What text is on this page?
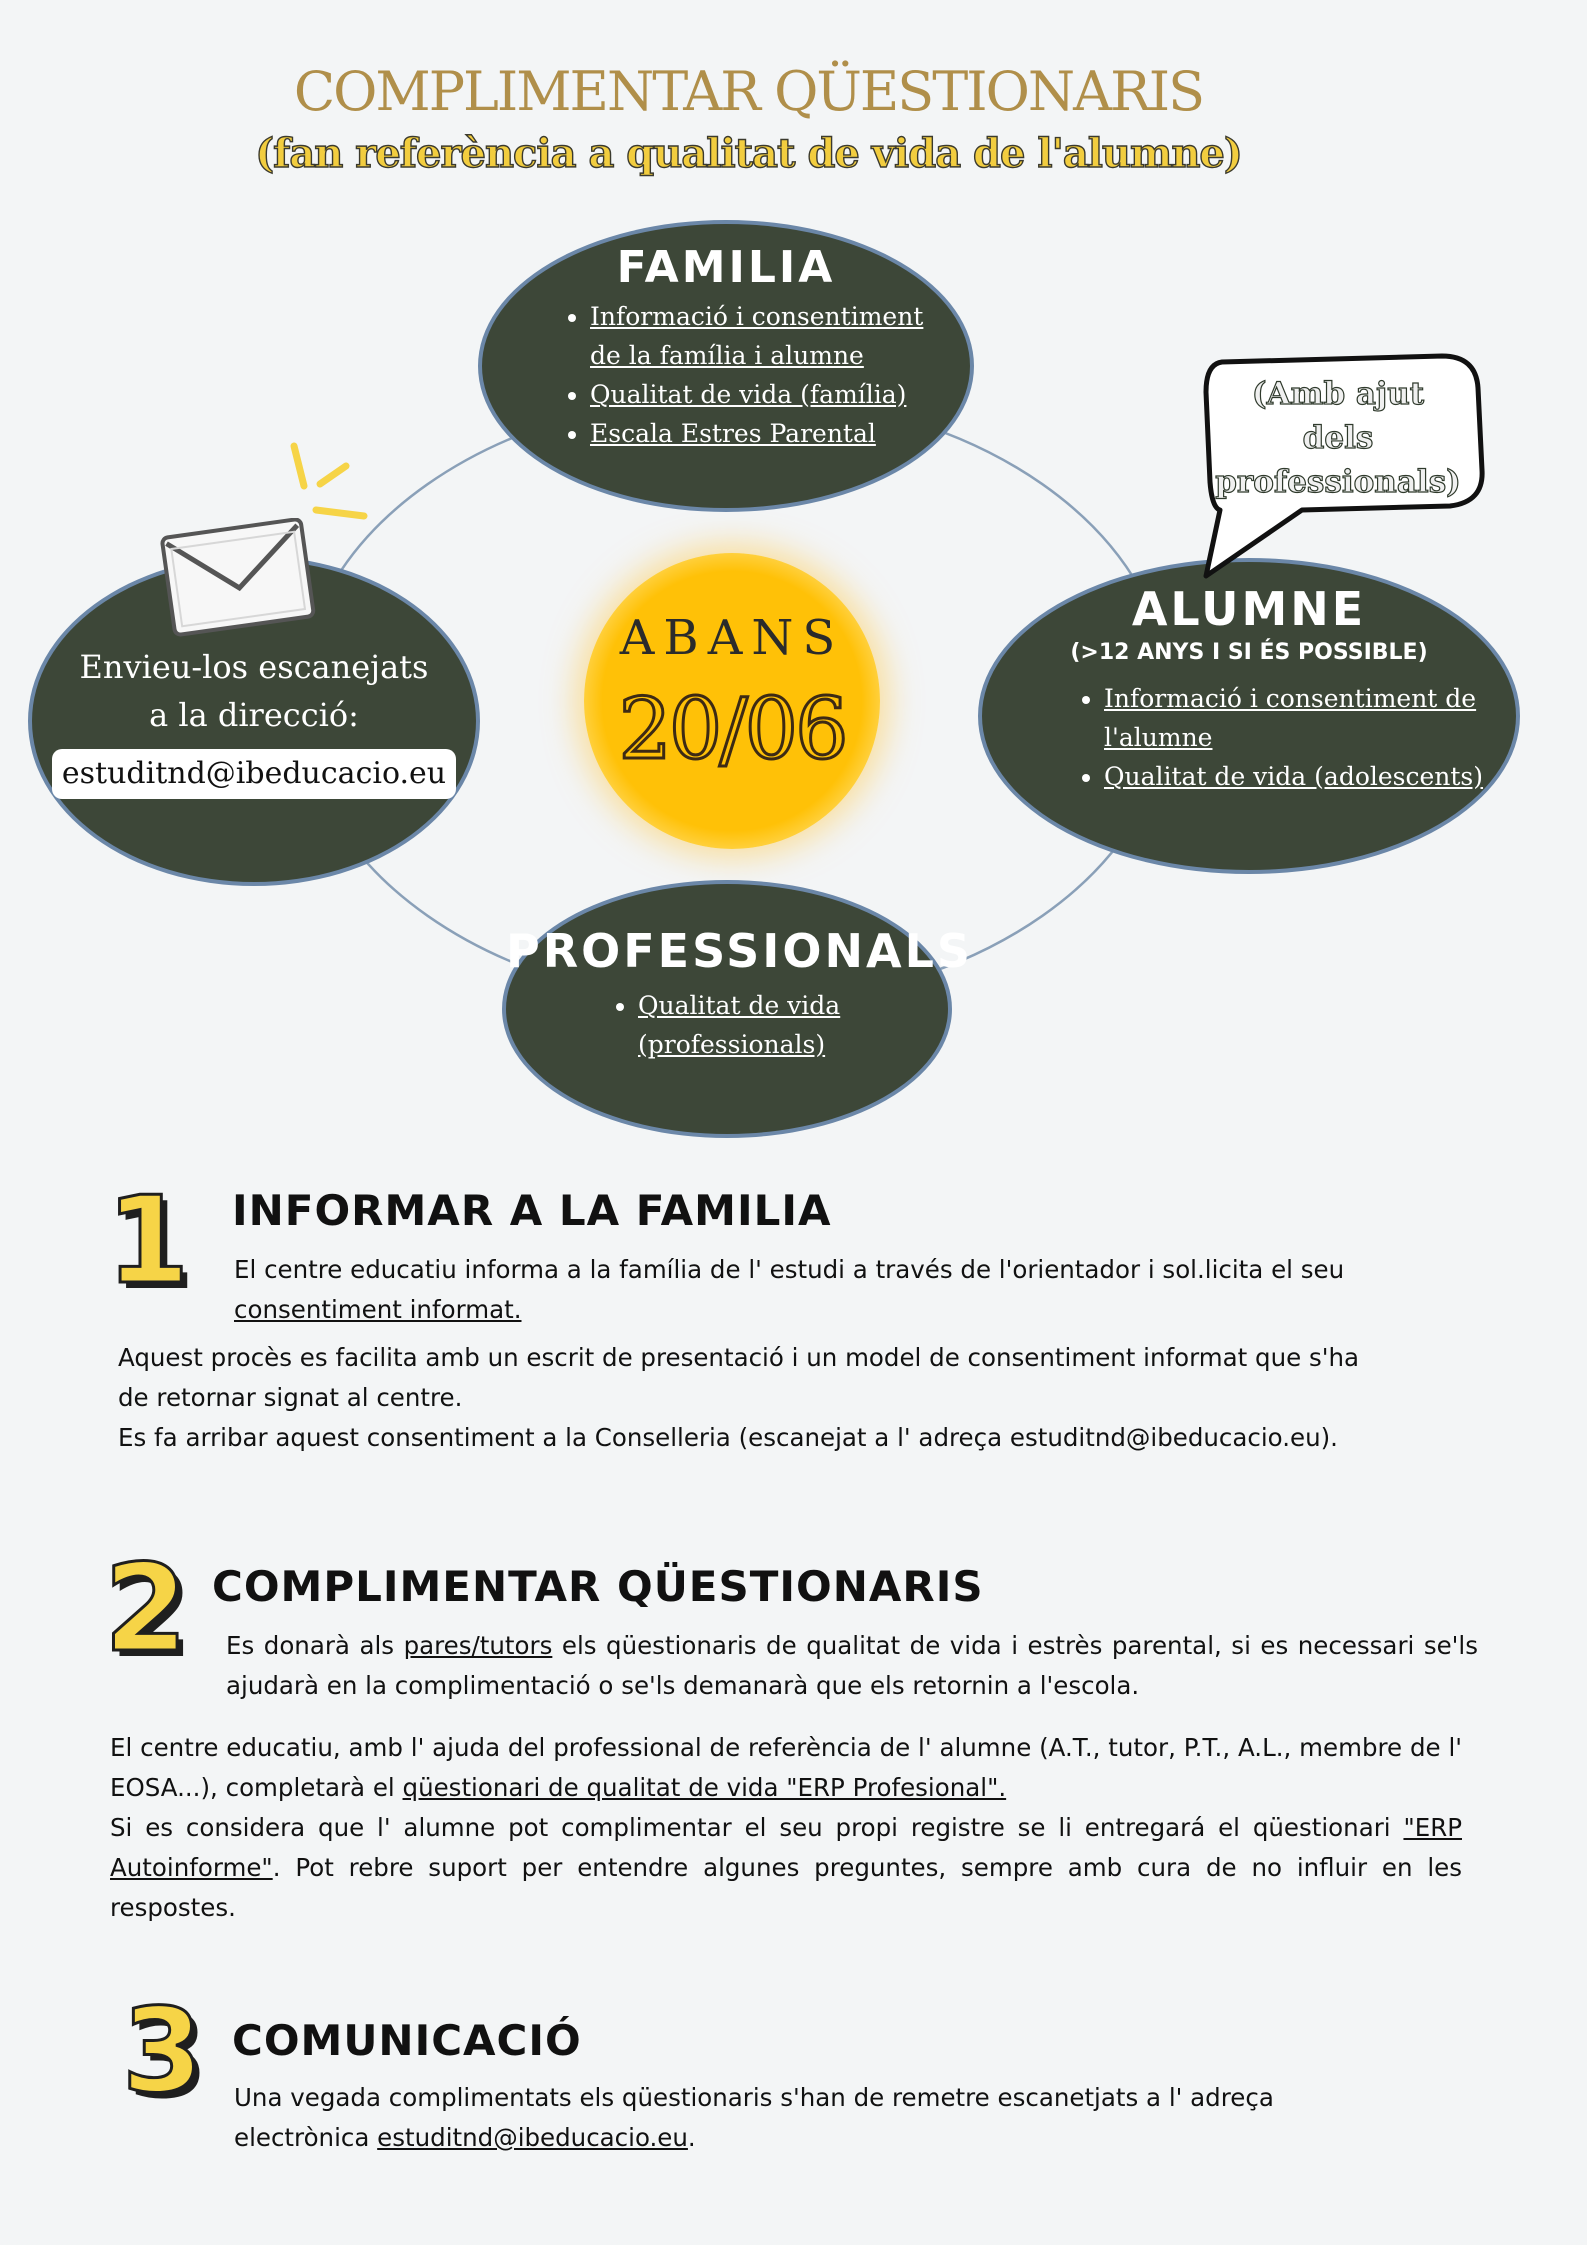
COMPLIMENTAR QÜESTIONARIS
(fan referència a qualitat de vida de l'alumne)
ABANS
20/06
FAMILIA
• Informació i consentiment de la família i alumne
• Qualitat de vida (família)
• Escala Estres Parental
ALUMNE
(>12 ANYS I SI ÉS POSSIBLE)
• Informació i consentiment de l'alumne
• Qualitat de vida (adolescents)
PROFESSIONALS
• Qualitat de vida (professionals)
Envieu-los escanejats
a la direcció:
estuditnd@ibeducacio.eu
(Amb ajut
dels
professionals)
1 INFORMAR A LA FAMILIA
El centre educatiu informa a la família de l' estudi a través de l'orientador i sol.licita el seu
consentiment informat.
Aquest procès es facilita amb un escrit de presentació i un model de consentiment informat que s'ha
de retornar signat al centre.
Es fa arribar aquest consentiment a la Conselleria (escanejat a l' adreça estuditnd@ibeducacio.eu).
2 COMPLIMENTAR QÜESTIONARIS
Es donarà als pares/tutors els qüestionaris de qualitat de vida i estrès parental, si es necessari se'ls ajudarà en la complimentació o se'ls demanarà que els retornin a l'escola.
El centre educatiu, amb l' ajuda del professional de referència de l' alumne (A.T., tutor, P.T., A.L., membre de l' EOSA...), completarà el qüestionari de qualitat de vida "ERP Profesional".
Si es considera que l' alumne pot complimentar el seu propi registre se li entregará el qüestionari "ERP Autoinforme". Pot rebre suport per entendre algunes preguntes, sempre amb cura de no influir en les respostes.
3 COMUNICACIÓ
Una vegada complimentats els qüestionaris s'han de remetre escanetjats a l' adreça
electrònica estuditnd@ibeducacio.eu.
